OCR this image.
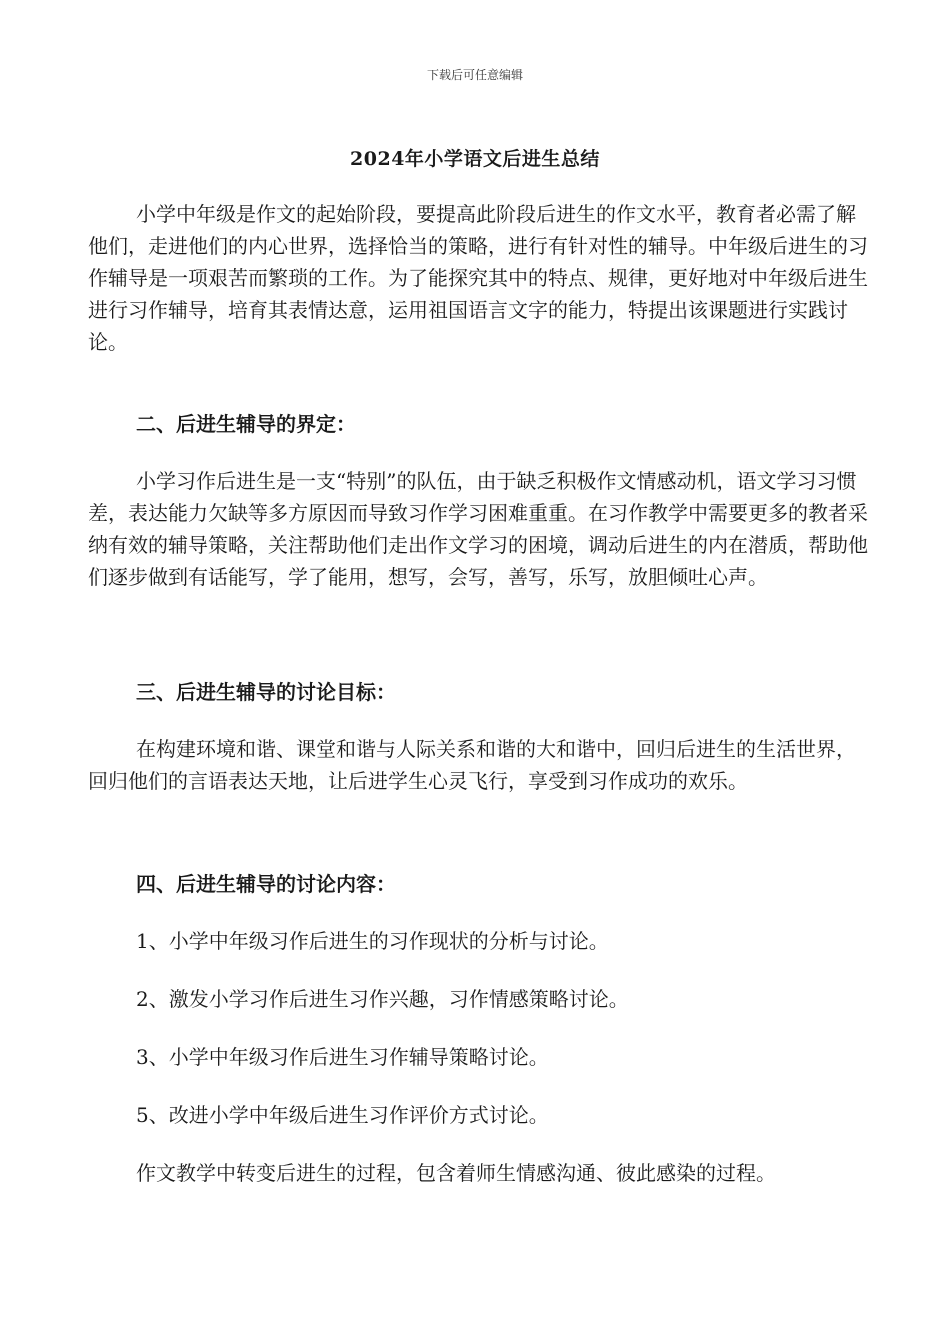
下载后可任意编辑
2024年小学语文后进生总结

小学中年级是作文的起始阶段，要提高此阶段后进生的作文水平，教育者必需了解他们，走进他们的内心世界，选择恰当的策略，进行有针对性的辅导。中年级后进生的习作辅导是一项艰苦而繁琐的工作。为了能探究其中的特点、规律，更好地对中年级后进生进行习作辅导，培育其表情达意，运用祖国语言文字的能力，特提出该课题进行实践讨论。

二、后进生辅导的界定：

小学习作后进生是一支“特别”的队伍，由于缺乏积极作文情感动机，语文学习习惯差，表达能力欠缺等多方原因而导致习作学习困难重重。在习作教学中需要更多的教者采纳有效的辅导策略，关注帮助他们走出作文学习的困境，调动后进生的内在潜质，帮助他们逐步做到有话能写，学了能用，想写，会写，善写，乐写，放胆倾吐心声。

三、后进生辅导的讨论目标：

在构建环境和谐、课堂和谐与人际关系和谐的大和谐中，回归后进生的生活世界，回归他们的言语表达天地，让后进学生心灵飞行，享受到习作成功的欢乐。

四、后进生辅导的讨论内容：

1、小学中年级习作后进生的习作现状的分析与讨论。

2、激发小学习作后进生习作兴趣，习作情感策略讨论。

3、小学中年级习作后进生习作辅导策略讨论。

5、改进小学中年级后进生习作评价方式讨论。

作文教学中转变后进生的过程，包含着师生情感沟通、彼此感染的过程。
